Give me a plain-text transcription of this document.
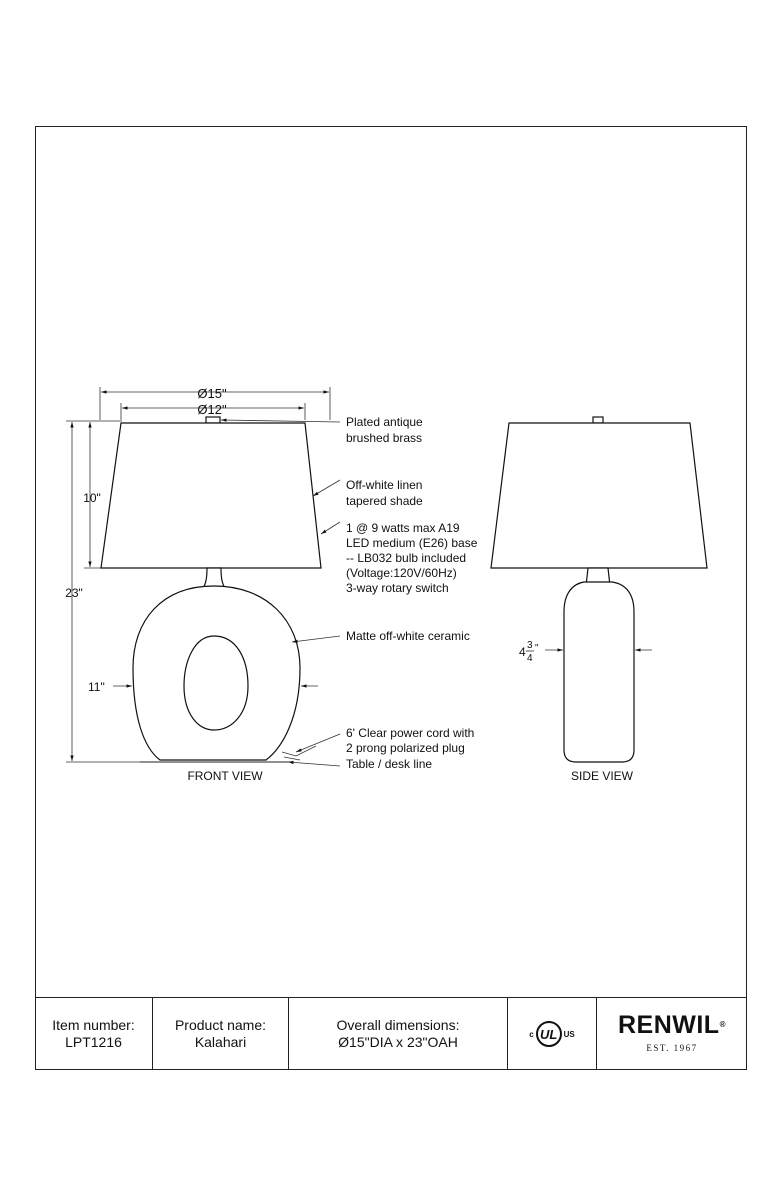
Ø15"
Ø12"
23"
10"
11"
Plated antique
brushed brass
Off-white linen
tapered shade
1 @ 9 watts max A19
LED medium (E26) base
-- LB032 bulb included
(Voltage:120V/60Hz)
3-way rotary switch
Matte off-white ceramic
6' Clear power cord with
2 prong polarized plug
Table / desk line
FRONT VIEW
4 3
4
"
SIDE VIEW
Item number:
LPT1216
Product name:
Kalahari
Overall dimensions:
Ø15"DIA x 23"OAH	c UL US RENWIL®
EST. 1967
